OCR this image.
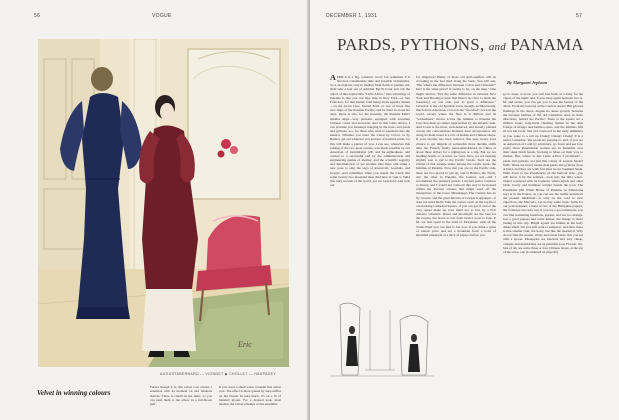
56	VOGUE
Eric
AUGUSTABERNARD — VIONNET ◆ CHOLLET — HAUPADEY
Velvet in winning colours
Furbes though it is, this velvet coat creates a sensation with its moment on and fabulous sleeves. There is charm in the tunic, so you can push them to the elbow in a full-blown puff
If you crave a small waist, consider this velvet coat. The effect is more gained by deep ruffles on the bloom. In pure black, it's on a fit of blended gloom. For a dressed look, most modest, the velvet schemes of this ensemble
DECEMBER 1, 1931	57
PARDS, PYTHONS, and PANAMA
By Margaret Jephson
AFRICA is a big, romantic word; but sentiment if it involves considerable time and possible vicissitudes. So I, an explorer only in finding fresh fields to pasture old, shall take a leaf out of Admiral Byrd's book and call the object of this exploration "Little Africa." One advantage of Panama is that you can take ship in New York—or San Francisco, for that matter, both being about equally distant—on the Grace Line, United Fruit, or one of those fine new ships of the Panama Pacific, and be there in about six days. There is also, for the leisurely, the Panama Mail's smaller ships—very pleasant, equipped with excellent Chinese cooks and stewards. And in this Little Africa, I can promise you monkeys hanging in the trees, and pards and pythons, too, for those who wish to penetrate into the interior. Whether you enter the Canal by Colon, or by Balboa, get out whatever you possess of national pride, for this will make a patriot of you. I can see, whenever this joining of the two great oceans, was made possible by our American of indomitable will and far-sightedness, and carried to a successful end by the administration and engineering genius of another, and the scientific sagacity and determination of yet another. One there will strike a new pose to sing the saga of Roosevelt, Goethals, and Gorgas. And remember when you transit the Canal that some twenty-two thousand men died here in vain to build this truly wonder of the world, yes we took hold. And took our
for alligators? Plenty of those old snub-snuffers will be crowding in the last mud along the bank. You will ask, "But what's the difference between Colon and Cristobal?" Isn't it the same place? It seems to be, on the map." One might answer, "Just the same difference as between New York and Brooklyn (save that there's no river to mark the boundary) on one side, just as great a difference." Cristobal is the old Spanish town, though, architecturally, much more American. Colon is the "stretched" town in the world, except where the fleet is at Balboa and its "wickedness" moves across the isthmus to Panama the boys that must go ships! Approached by the Atlantic side. And Colon is the most, well-behaved, and sweetly planted colony the conscientious Romans have incorporated. All along its main street is a row of Indian and Chinese shops. If your income has been reduced, this year, here's your chance to get lingerie of somewhat more durable stuffs than the French, finely hand-embroidered in China at about three dollars for a nightgown or a slip. But we are heading South, or, at least, we were. Now, we are steering slightly east to get to the Pacific Ocean. Such are the whims of that strange snake among the earth's lands, the Isthmus of Panama. Now that you are on the Pacific side, there are two places to put up, one at Balboa, the Tivoli, dry; the other in Panama, the Central, wet—and I recommend the planter's punch. I myself prefer romance to luxury, and I would not come all this way to be housed within the discreet screens that might ward off the mosquitoes of the lower Mississippi. The Central has no fly screens, and the great miracle of Gorgas is apparent—it does not need them! Take the corner room on the top floor overlooking Cathedral Square, if you can get it, and at the very outset make up your mind not to live by a Fort Amador schedule. Dawn and moonlight are the best for the tropics, the hours to rest from twelve noon to four. P. M. are best spent in the arms of Morpheus, with all the Trade-Wind you can find to fan you. If you drink a glass of tomato juice and eat a mountain from a bowl of shredded pineapple or a slice of papaya before you
go to sleep, at noon, you will feel fresh as a daisy for the vigors of the night; and, if you sleep again between two A. M. and seven, you can get you to see the beauty of the dawn. From my balcony at the Central, Anson Hill glowed flamingo in the dawn, despite its dense growth, between the baroque belfries of the old Cathedral. And, in three directions, behold the Pacific! There is the square set a million tropic song-birds chanting matins in the dark foliage of mango and bamboo-trees, and the Isthmus lifts its red tile roofs, like old rosewood in the early shimmers as you wake to a call up Chung! Chung! Chung! It is a native Cathedral. The pious are praying to, and, if you are an American of Latin by adventure, go down and see how pretty those Panamanian women are, in mantillas over their sleek black heads, flocking to Mass on their way to market. But, where is this Little Africa I promised?—pards and pythons, not just this colony of ancient Spain? Well! There are fewer beasts than pards and pythons close at hand, and they are wild; few sites in our Southern lands. Walk down to the Presidencia on the harbour side—you will know it by the sentries—look into the little water-ringed courtyard with its fountain, where egrets and other birds, lovely and harmless wander beside the pool. The Presidente (the White House of Panama, as Americans say) is in the Palace, as you can see the leaflet hereabout the present inhabitant—is only on the road to new objectives, the Mercado. Let us buy some tropic fruits for our petit dejeuner, a hand or two of the Philippine papaya, the Calabaza avocado, but, if you are a good marketer, you can find something luxurious, greater, and not too strange. Get a good papaya and some lemon; the mango is more tasting in this city. Bright agouti are hidden in the leafy dense smell, but you will want to sample it, and then, there is that smaller fruit, the hairy, but like the monkeys! Why do not flies the mouth, sticky and sweet lands, that you eat with a spoon. Pineapples are luscious and very cheap, oranges and mandarines are as plentiful as in Florida, but, best of all, are some three or four Chinese shops, at the top of the town, one (Continued on page 96)
